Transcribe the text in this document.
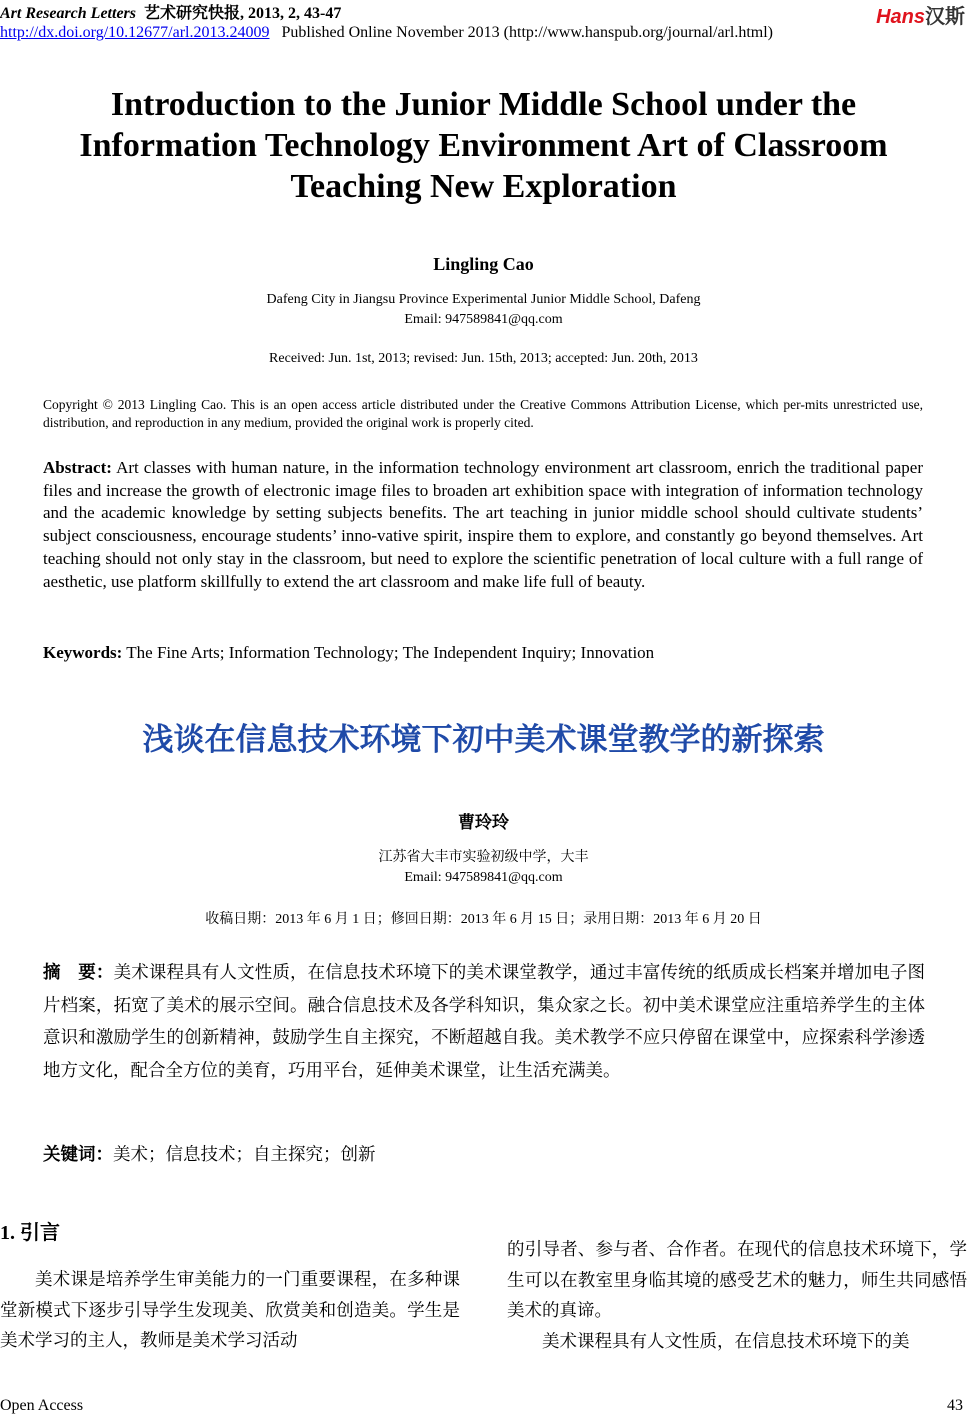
Art Research Letters 艺术研究快报, 2013, 2, 43-47
http://dx.doi.org/10.12677/arl.2013.24009 Published Online November 2013 (http://www.hanspub.org/journal/arl.html)
Hans汉斯
Introduction to the Junior Middle School under the Information Technology Environment Art of Classroom Teaching New Exploration
Lingling Cao
Dafeng City in Jiangsu Province Experimental Junior Middle School, Dafeng
Email: 947589841@qq.com
Received: Jun. 1st, 2013; revised: Jun. 15th, 2013; accepted: Jun. 20th, 2013
Copyright © 2013 Lingling Cao. This is an open access article distributed under the Creative Commons Attribution License, which per-mits unrestricted use, distribution, and reproduction in any medium, provided the original work is properly cited.
Abstract: Art classes with human nature, in the information technology environment art classroom, enrich the traditional paper files and increase the growth of electronic image files to broaden art exhibition space with integration of information technology and the academic knowledge by setting subjects benefits. The art teaching in junior middle school should cultivate students’ subject consciousness, encourage students’ inno-vative spirit, inspire them to explore, and constantly go beyond themselves. Art teaching should not only stay in the classroom, but need to explore the scientific penetration of local culture with a full range of aesthetic, use platform skillfully to extend the art classroom and make life full of beauty.
Keywords: The Fine Arts; Information Technology; The Independent Inquiry; Innovation
浅谈在信息技术环境下初中美术课堂教学的新探索
曹玲玲
江苏省大丰市实验初级中学，大丰
Email: 947589841@qq.com
收稿日期：2013 年 6 月 1 日；修回日期：2013 年 6 月 15 日；录用日期：2013 年 6 月 20 日
摘　要：美术课程具有人文性质，在信息技术环境下的美术课堂教学，通过丰富传统的纸质成长档案并增加电子图片档案，拓宽了美术的展示空间。融合信息技术及各学科知识，集众家之长。初中美术课堂应注重培养学生的主体意识和激励学生的创新精神，鼓励学生自主探究，不断超越自我。美术教学不应只停留在课堂中，应探索科学渗透地方文化，配合全方位的美育，巧用平台，延伸美术课堂，让生活充满美。
关键词：美术；信息技术；自主探究；创新
1. 引言

美术课是培养学生审美能力的一门重要课程，在多种课堂新模式下逐步引导学生发现美、欣赏美和创造美。学生是美术学习的主人，教师是美术学习活动

的引导者、参与者、合作者。在现代的信息技术环境下，学生可以在教室里身临其境的感受艺术的魅力，师生共同感悟美术的真谛。

美术课程具有人文性质，在信息技术环境下的美

Open Access	43
